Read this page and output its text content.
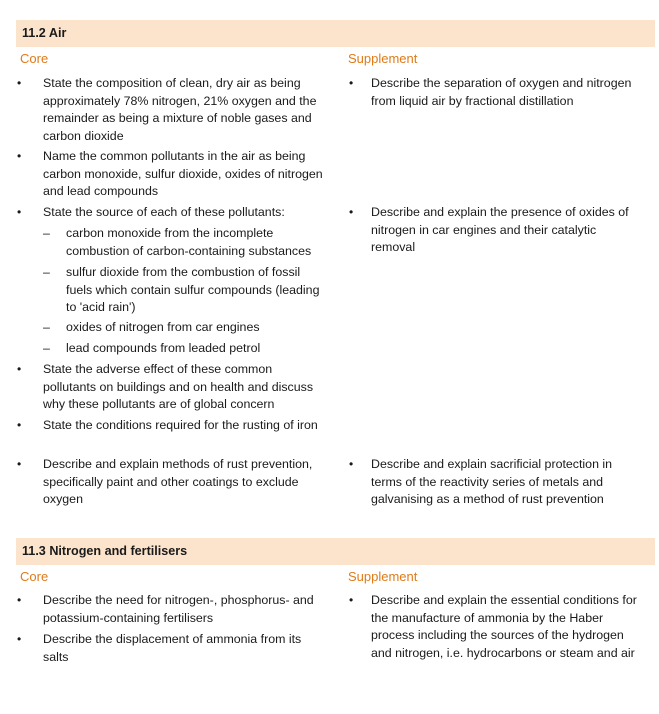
11.2 Air
Core	Supplement
• State the composition of clean, dry air as being approximately 78% nitrogen, 21% oxygen and the remainder as being a mixture of noble gases and carbon dioxide
• Name the common pollutants in the air as being carbon monoxide, sulfur dioxide, oxides of nitrogen and lead compounds
• State the source of each of these pollutants:
– carbon monoxide from the incomplete combustion of carbon-containing substances
– sulfur dioxide from the combustion of fossil fuels which contain sulfur compounds (leading to 'acid rain')
– oxides of nitrogen from car engines
– lead compounds from leaded petrol
• State the adverse effect of these common pollutants on buildings and on health and discuss why these pollutants are of global concern
• State the conditions required for the rusting of iron
• Describe and explain methods of rust prevention, specifically paint and other coatings to exclude oxygen
• Describe the separation of oxygen and nitrogen from liquid air by fractional distillation
• Describe and explain the presence of oxides of nitrogen in car engines and their catalytic removal
• Describe and explain sacrificial protection in terms of the reactivity series of metals and galvanising as a method of rust prevention
11.3 Nitrogen and fertilisers
Core	Supplement
• Describe the need for nitrogen-, phosphorus- and potassium-containing fertilisers
• Describe the displacement of ammonia from its salts
• Describe and explain the essential conditions for the manufacture of ammonia by the Haber process including the sources of the hydrogen and nitrogen, i.e. hydrocarbons or steam and air
